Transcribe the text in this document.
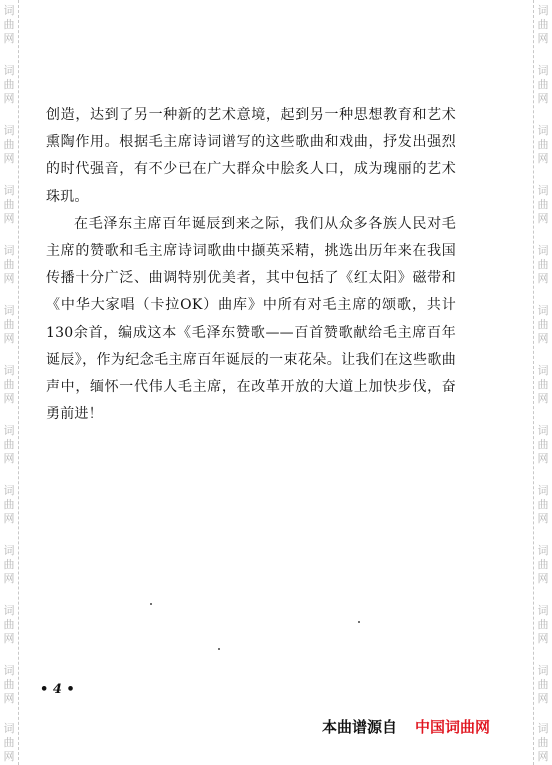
词曲网
词曲网
词曲网
词曲网
词曲网
词曲网
词曲网
词曲网
词曲网
词曲网
词曲网
词曲网
词曲网
词曲网
词曲网
词曲网
词曲网
词曲网
词曲网
词曲网
词曲网
词曲网
词曲网
词曲网
词曲网
词曲网

创造，达到了另一种新的艺术意境，起到另一种思想教育和艺术熏陶作用。根据毛主席诗词谱写的这些歌曲和戏曲，抒发出强烈的时代强音，有不少已在广大群众中脍炙人口，成为瑰丽的艺术珠玑。

在毛泽东主席百年诞辰到来之际，我们从众多各族人民对毛主席的赞歌和毛主席诗词歌曲中撷英采精，挑选出历年来在我国传播十分广泛、曲调特别优美者，其中包括了《红太阳》磁带和《中华大家唱（卡拉OK）曲库》中所有对毛主席的颂歌，共计130余首，编成这本《毛泽东赞歌——百首赞歌献给毛主席百年诞辰》，作为纪念毛主席百年诞辰的一束花朵。让我们在这些歌曲声中，缅怀一代伟人毛主席，在改革开放的大道上加快步伐，奋勇前进！

• 4 •
本曲谱源自 中国词曲网
